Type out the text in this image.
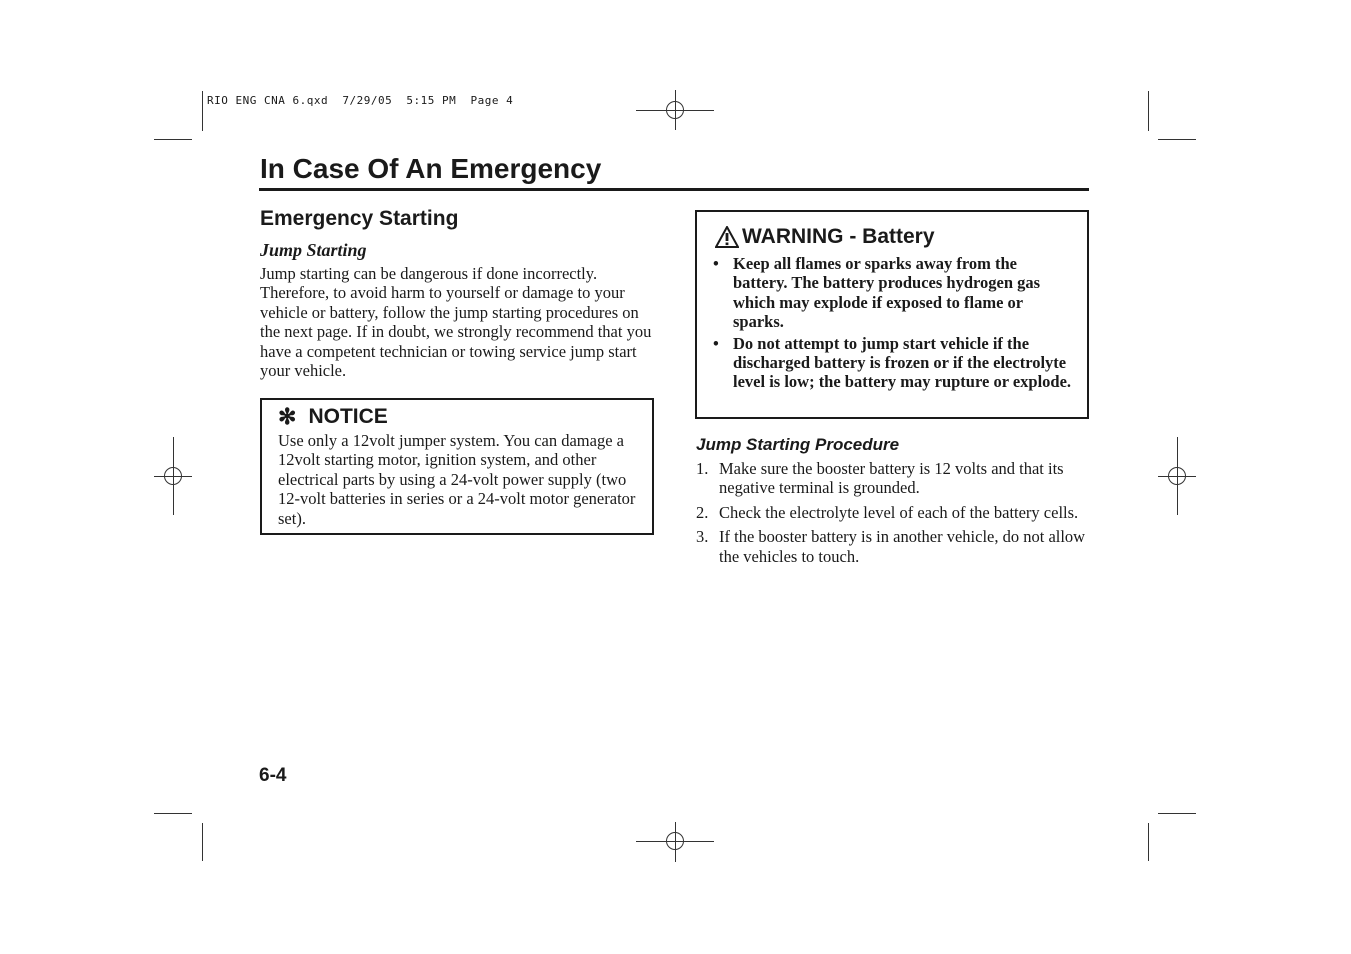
RIO ENG CNA 6.qxd  7/29/05  5:15 PM  Page 4
In Case Of An Emergency
Emergency Starting
Jump Starting
Jump starting can be dangerous if done incorrectly. Therefore, to avoid harm to yourself or damage to your vehicle or battery, follow the jump starting procedures on the next page. If in doubt, we strongly recommend that you have a competent technician or towing service jump start your vehicle.
✻ NOTICE
Use only a 12volt jumper system. You can damage a 12volt starting motor, ignition system, and other electrical parts by using a 24-volt power supply (two 12-volt batteries in series or a 24-volt motor generator set).
WARNING - Battery
• Keep all flames or sparks away from the battery. The battery produces hydrogen gas which may explode if exposed to flame or sparks.
• Do not attempt to jump start vehicle if the discharged battery is frozen or if the electrolyte level is low; the battery may rupture or explode.
Jump Starting Procedure
1. Make sure the booster battery is 12 volts and that its negative terminal is grounded.
2. Check the electrolyte level of each of the battery cells.
3. If the booster battery is in another vehicle, do not allow the vehicles to touch.
6-4
